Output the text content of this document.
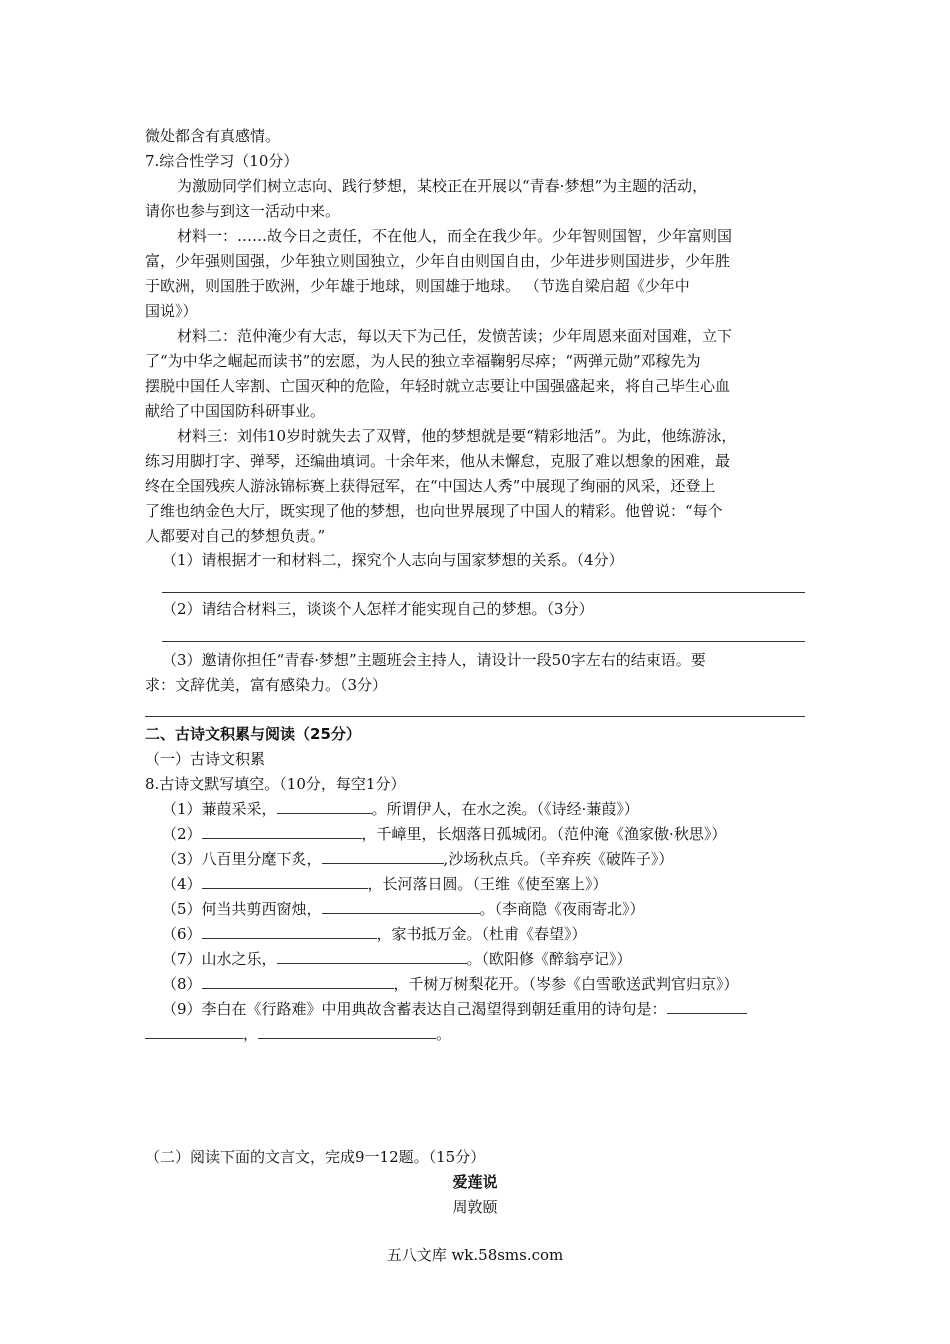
微处都含有真感情。
7.综合性学习（10分）
为激励同学们树立志向、践行梦想，某校正在开展以“青春·梦想”为主题的活动，
请你也参与到这一活动中来。
材料一：……故今日之责任，不在他人，而全在我少年。少年智则国智，少年富则国
富，少年强则国强，少年独立则国独立，少年自由则国自由，少年进步则国进步，少年胜
于欧洲，则国胜于欧洲，少年雄于地球，则国雄于地球。 （节选自梁启超《少年中
国说》）
材料二：范仲淹少有大志，每以天下为己任，发愤苦读；少年周恩来面对国难，立下
了“为中华之崛起而读书”的宏愿，为人民的独立幸福鞠躬尽瘁；“两弹元勋”邓稼先为
摆脱中国任人宰割、亡国灭种的危险，年轻时就立志要让中国强盛起来，将自己毕生心血
献给了中国国防科研事业。
材料三：刘伟10岁时就失去了双臂，他的梦想就是要“精彩地活”。为此，他练游泳，
练习用脚打字、弹琴，还编曲填词。十余年来，他从未懈怠，克服了难以想象的困难，最
终在全国残疾人游泳锦标赛上获得冠军，在“中国达人秀”中展现了绚丽的风采，还登上
了维也纳金色大厅，既实现了他的梦想，也向世界展现了中国人的精彩。他曾说：“每个
人都要对自己的梦想负责。”
（1）请根据才一和材料二，探究个人志向与国家梦想的关系。（4分）
（2）请结合材料三，谈谈个人怎样才能实现自己的梦想。（3分）
（3）邀请你担任“青春·梦想”主题班会主持人，请设计一段50字左右的结束语。要
求：文辞优美，富有感染力。（3分）
二、古诗文积累与阅读（25分）
（一）古诗文积累
8.古诗文默写填空。（10分，每空1分）
（1）蒹葭采采，	。所谓伊人，在水之涘。（《诗经·蒹葭》）
（2）	，千嶂里，长烟落日孤城闭。（范仲淹《渔家傲·秋思》）
（3）八百里分麾下炙，	,沙场秋点兵。（辛弃疾《破阵子》）
（4）	，长河落日圆。（王维《使至塞上》）
（5）何当共剪西窗烛，	。（李商隐《夜雨寄北》）
（6）	，家书抵万金。（杜甫《春望》）
（7）山水之乐，	。（欧阳修《醉翁亭记》）
（8）	，千树万树梨花开。（岑参《白雪歌送武判官归京》）
（9）李白在《行路难》中用典故含蓄表达自己渴望得到朝廷重用的诗句是：
，	。
（二）阅读下面的文言文，完成9一12题。（15分）
爱莲说
周敦颐
五八文库 wk.58sms.com
